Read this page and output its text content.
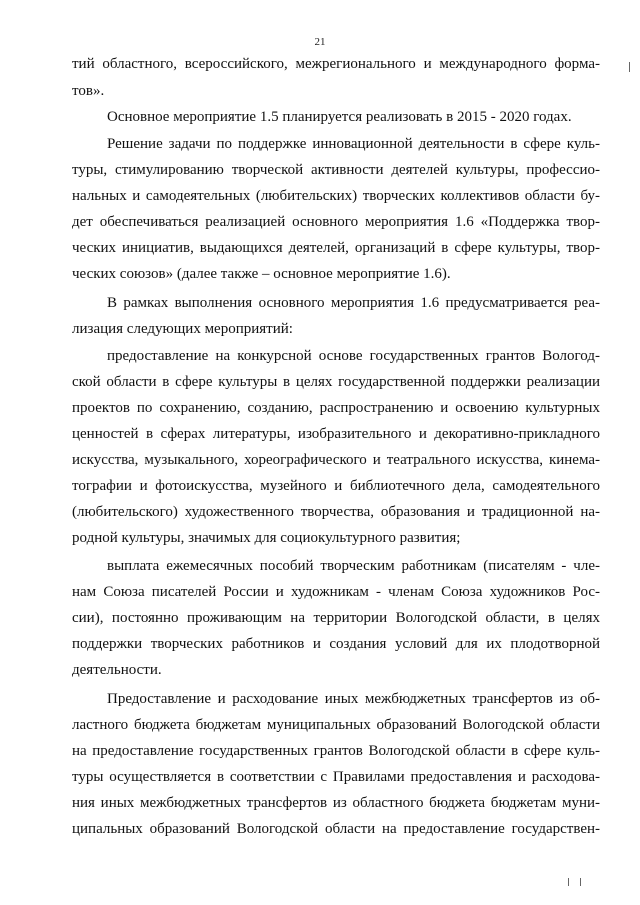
21
тий областного, всероссийского, межрегионального и международного форма-
тов».
Основное мероприятие 1.5 планируется реализовать в 2015 - 2020 годах.
Решение задачи по поддержке инновационной деятельности в сфере куль-
туры, стимулированию творческой активности деятелей культуры, профессио-
нальных и самодеятельных (любительских) творческих коллективов области бу-
дет обеспечиваться реализацией основного мероприятия 1.6 «Поддержка твор-
ческих инициатив, выдающихся деятелей, организаций в сфере культуры, твор-
ческих союзов» (далее также – основное мероприятие 1.6).
В рамках выполнения основного мероприятия 1.6 предусматривается реа-
лизация следующих мероприятий:
предоставление на конкурсной основе государственных грантов Вологод-
ской области в сфере культуры в целях государственной поддержки реализации
проектов по сохранению, созданию, распространению и освоению культурных
ценностей в сферах литературы, изобразительного и декоративно-прикладного
искусства, музыкального, хореографического и театрального искусства, кинема-
тографии и фотоискусства, музейного и библиотечного дела, самодеятельного
(любительского) художественного творчества, образования и традиционной на-
родной культуры, значимых для социокультурного развития;
выплата ежемесячных пособий творческим работникам (писателям - чле-
нам Союза писателей России и художникам - членам Союза художников Рос-
сии), постоянно проживающим на территории Вологодской области, в целях
поддержки творческих работников и создания условий для их плодотворной
деятельности.
Предоставление и расходование иных межбюджетных трансфертов из об-
ластного бюджета бюджетам муниципальных образований Вологодской области
на предоставление государственных грантов Вологодской области в сфере куль-
туры осуществляется в соответствии с Правилами предоставления и расходова-
ния иных межбюджетных трансфертов из областного бюджета бюджетам муни-
ципальных образований Вологодской области на предоставление государствен-
